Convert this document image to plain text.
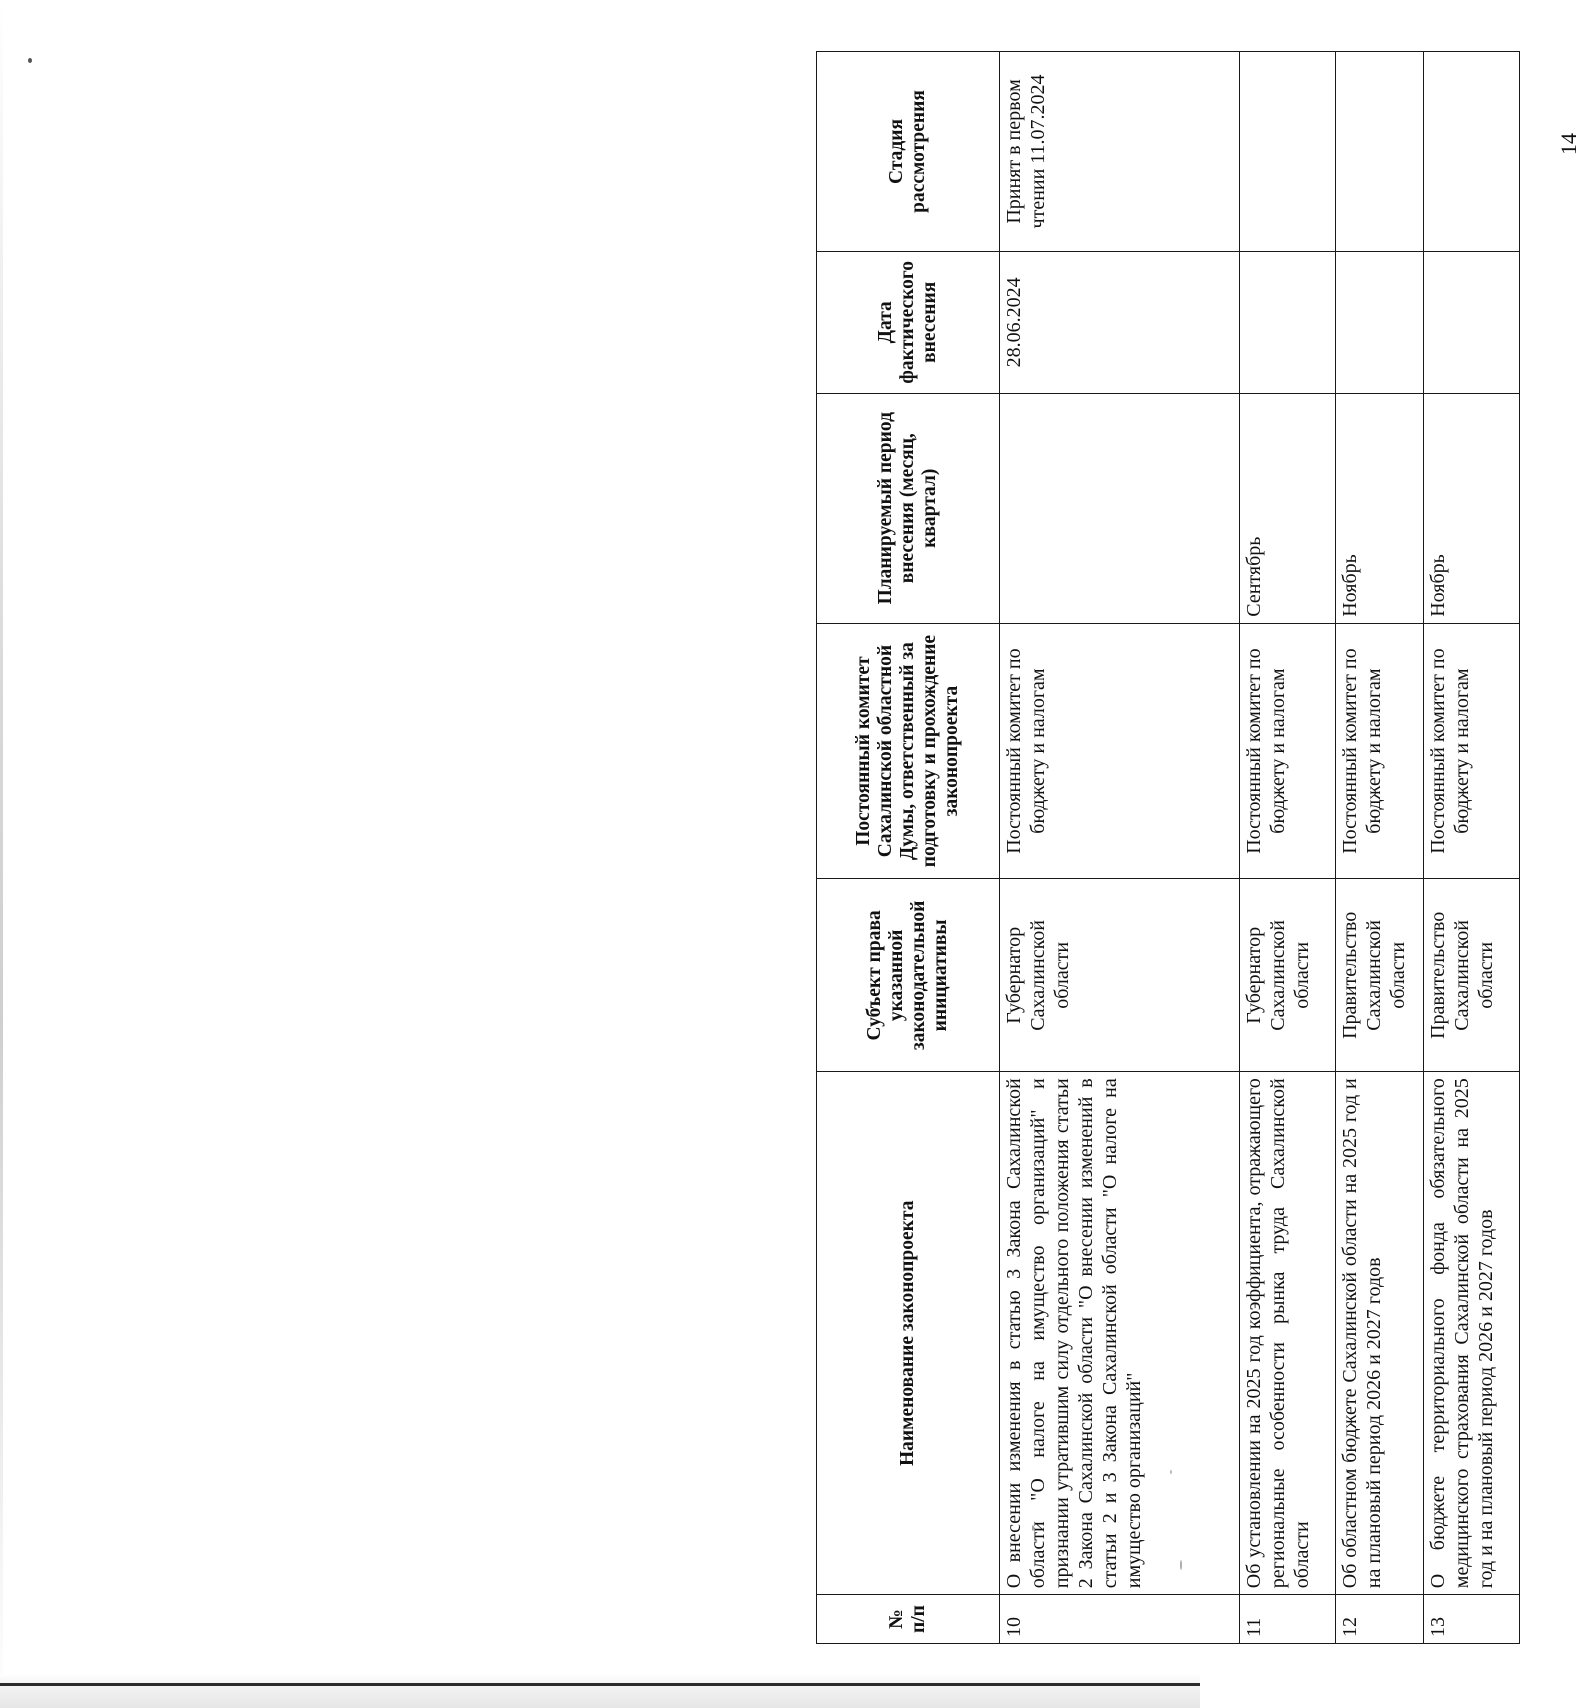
14
№ п/п	Наименование законопроекта	Субъект права указанной законодательной инициативы	Постоянный комитет Сахалинской областной Думы, ответственный за подготовку и прохождение законопроекта	Планируемый период внесения (месяц, квартал)	Дата фактического внесения	Стадия рассмотрения
10	О внесении изменения в статью 3 Закона Сахалинской области "О налоге на имущество организаций" и признании утратившим силу отдельного положения статьи 2 Закона Сахалинской области "О внесении изменений в статьи 2 и 3 Закона Сахалинской области "О налоге на имущество организаций"	Губернатор Сахалинской области	Постоянный комитет по бюджету и налогам		28.06.2024	Принят в первом чтении 11.07.2024
11	Об установлении на 2025 год коэффициента, отражающего региональные особенности рынка труда Сахалинской области	Губернатор Сахалинской области	Постоянный комитет по бюджету и налогам	Сентябрь		
12	Об областном бюджете Сахалинской области на 2025 год и на плановый период 2026 и 2027 годов	Правительство Сахалинской области	Постоянный комитет по бюджету и налогам	Ноябрь		
13	О бюджете территориального фонда обязательного медицинского страхования Сахалинской области на 2025 год и на плановый период 2026 и 2027 годов	Правительство Сахалинской области	Постоянный комитет по бюджету и налогам	Ноябрь		
